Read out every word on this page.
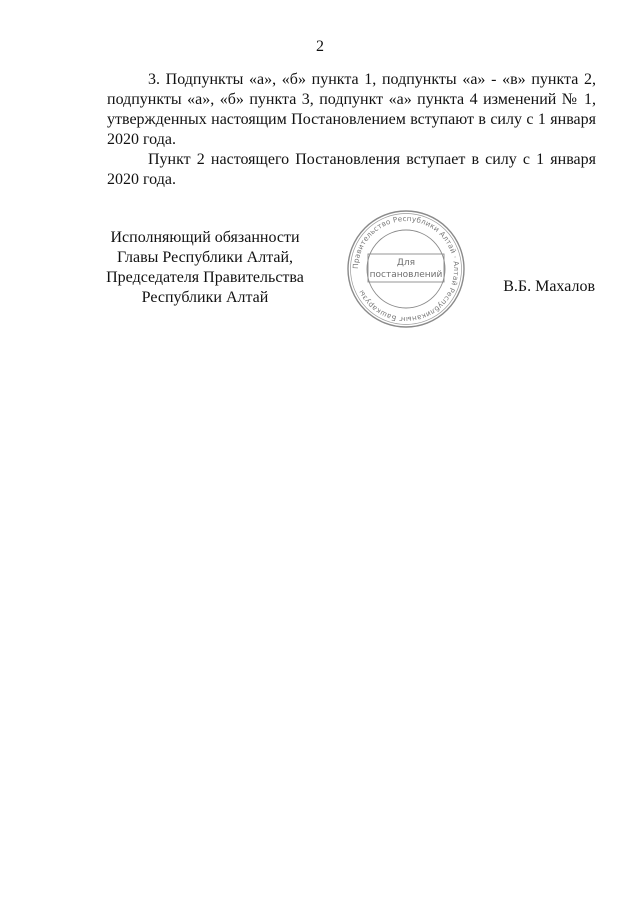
2

3. Подпункты «а», «б» пункта 1, подпункты «а» - «в» пункта 2, подпункты «а», «б» пункта 3, подпункт «а» пункта 4 изменений № 1, утвержденных настоящим Постановлением вступают в силу с 1 января 2020 года.

Пункт 2 настоящего Постановления вступает в силу с 1 января 2020 года.

Исполняющий обязанности
Главы Республики Алтай,
Председателя Правительства
Республики Алтай
В.Б. Махалов
Правительство Республики Алтай · Алтай Республиканыҥ Башкарузы
Для
постановлений
